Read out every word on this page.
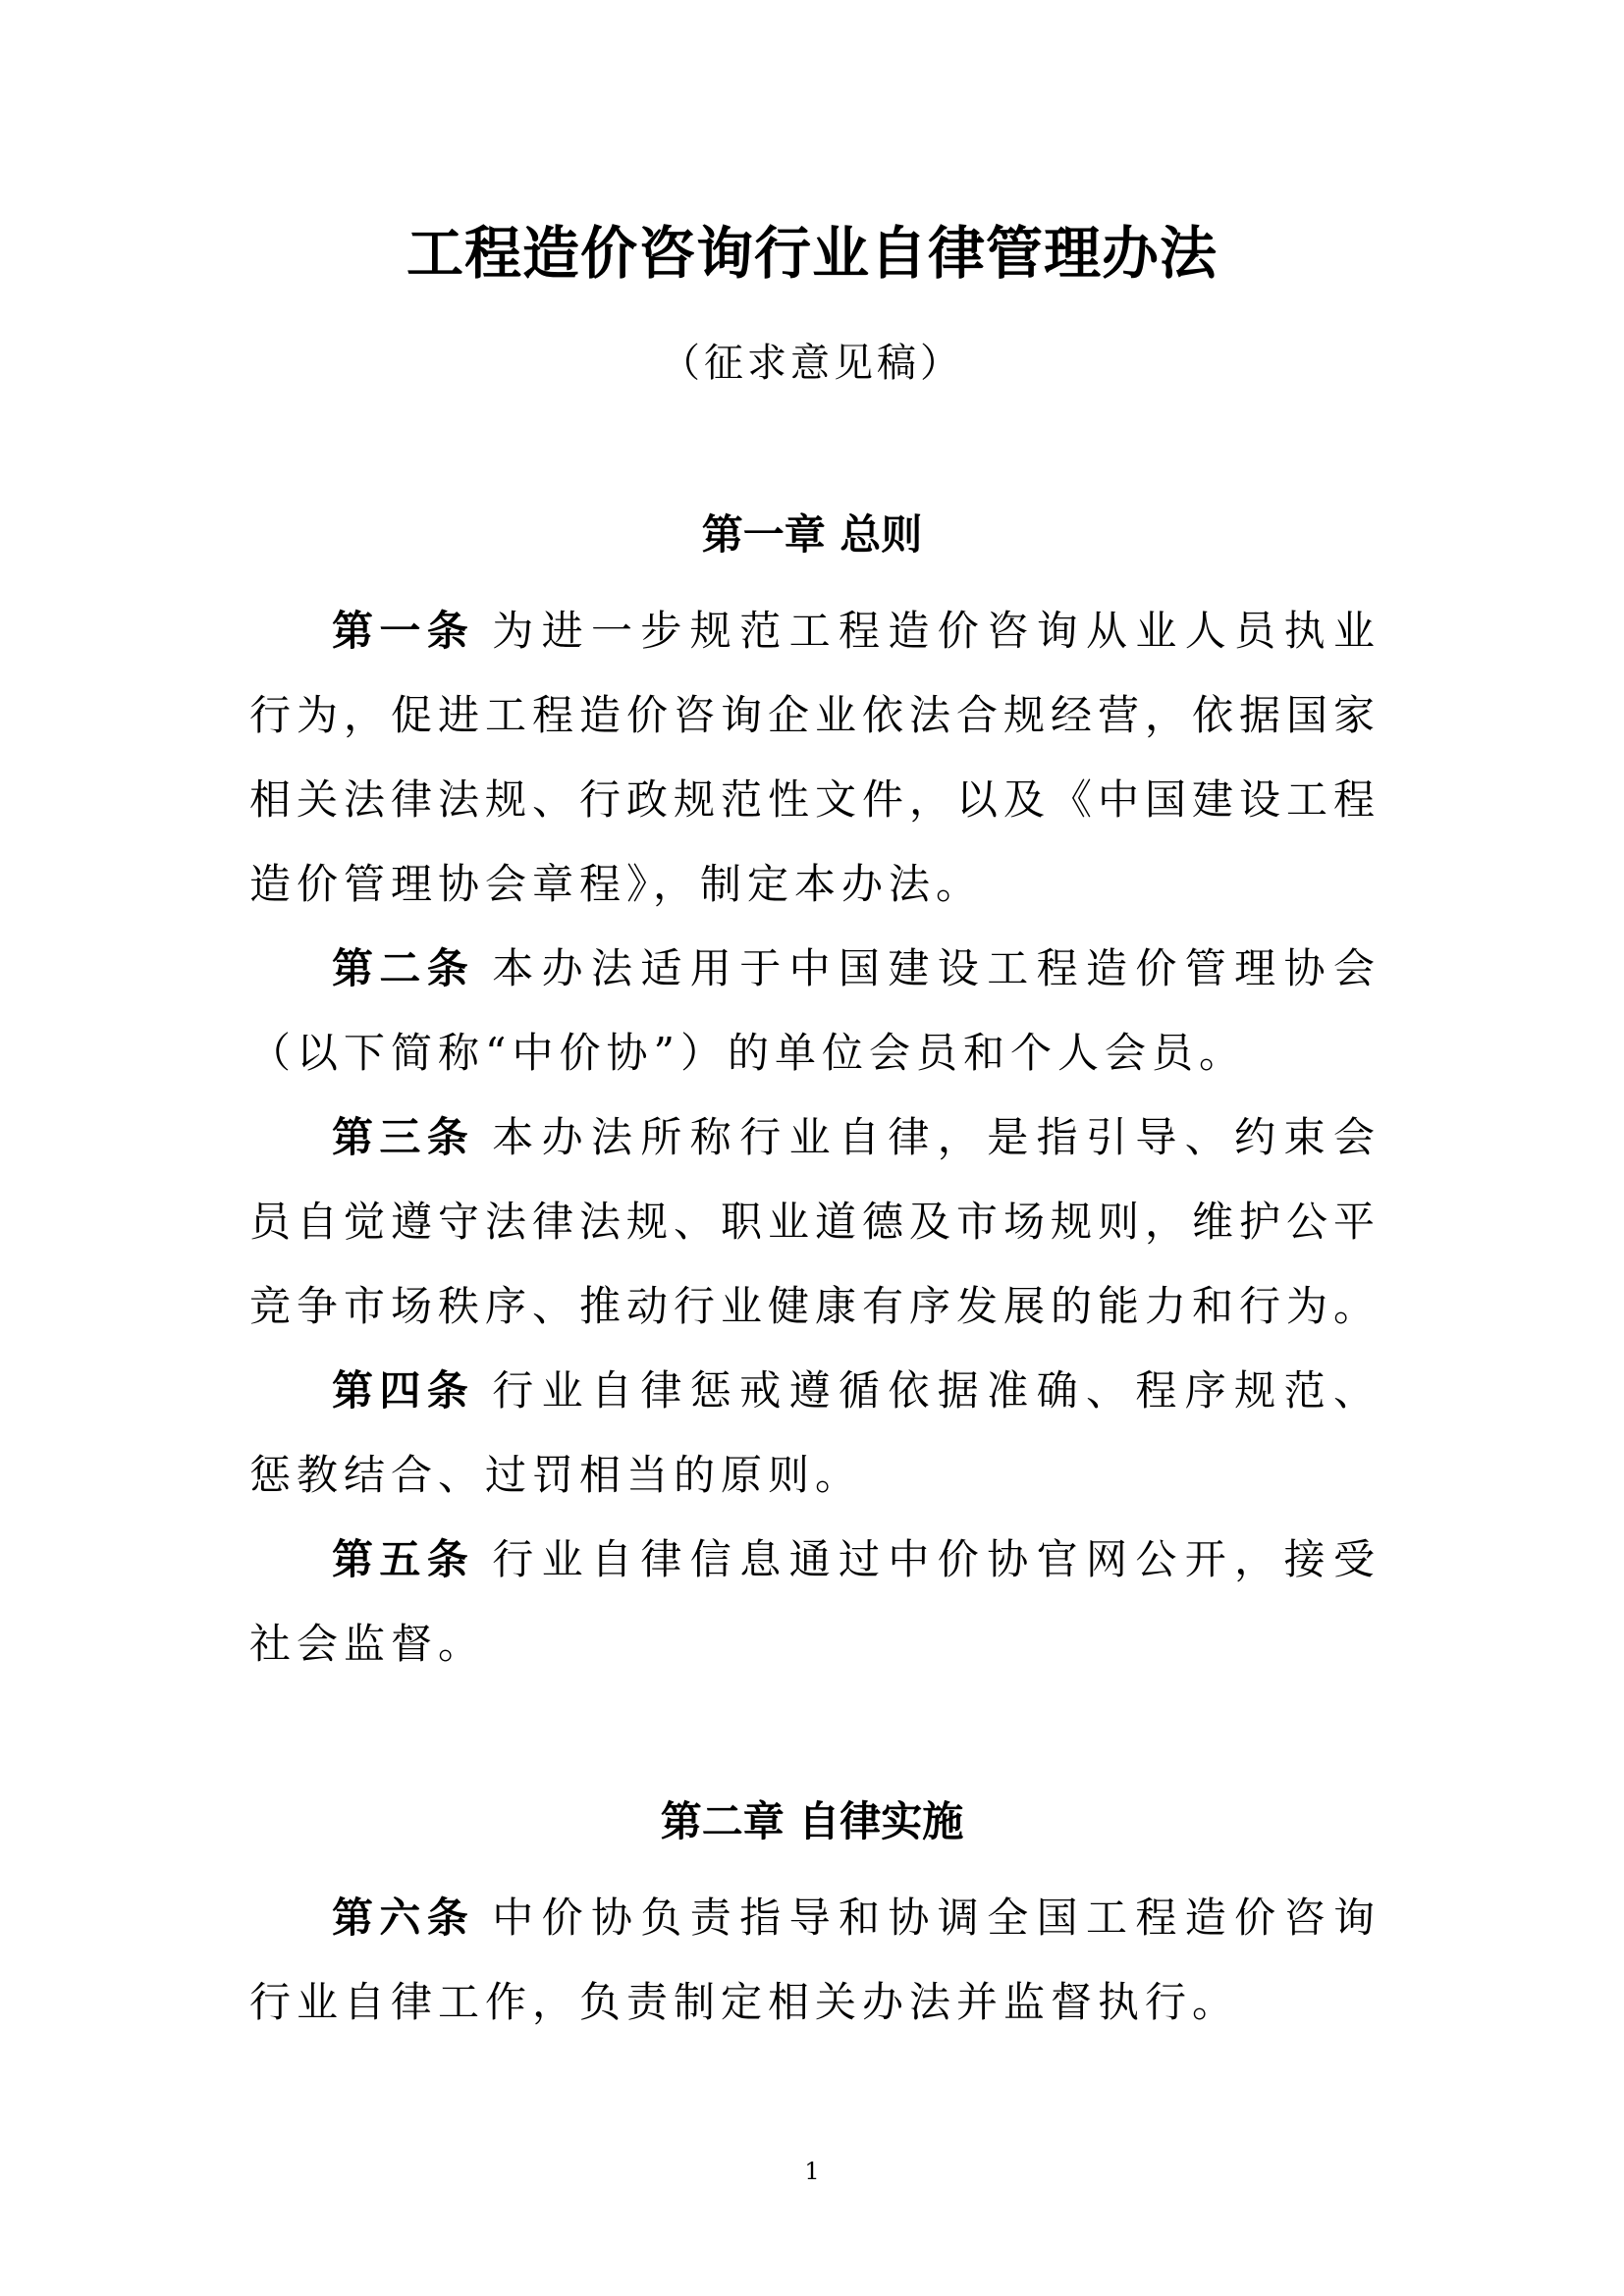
工程造价咨询行业自律管理办法
（征求意见稿）
第一章 总则

第一条 为进一步规范工程造价咨询从业人员执业行为，促进工程造价咨询企业依法合规经营，依据国家相关法律法规、行政规范性文件，以及《中国建设工程造价管理协会章程》，制定本办法。

第二条 本办法适用于中国建设工程造价管理协会（以下简称“中价协”）的单位会员和个人会员。

第三条 本办法所称行业自律，是指引导、约束会员自觉遵守法律法规、职业道德及市场规则，维护公平竞争市场秩序、推动行业健康有序发展的能力和行为。

第四条 行业自律惩戒遵循依据准确、程序规范、惩教结合、过罚相当的原则。

第五条 行业自律信息通过中价协官网公开，接受社会监督。

第二章 自律实施

第六条 中价协负责指导和协调全国工程造价咨询行业自律工作，负责制定相关办法并监督执行。

1
